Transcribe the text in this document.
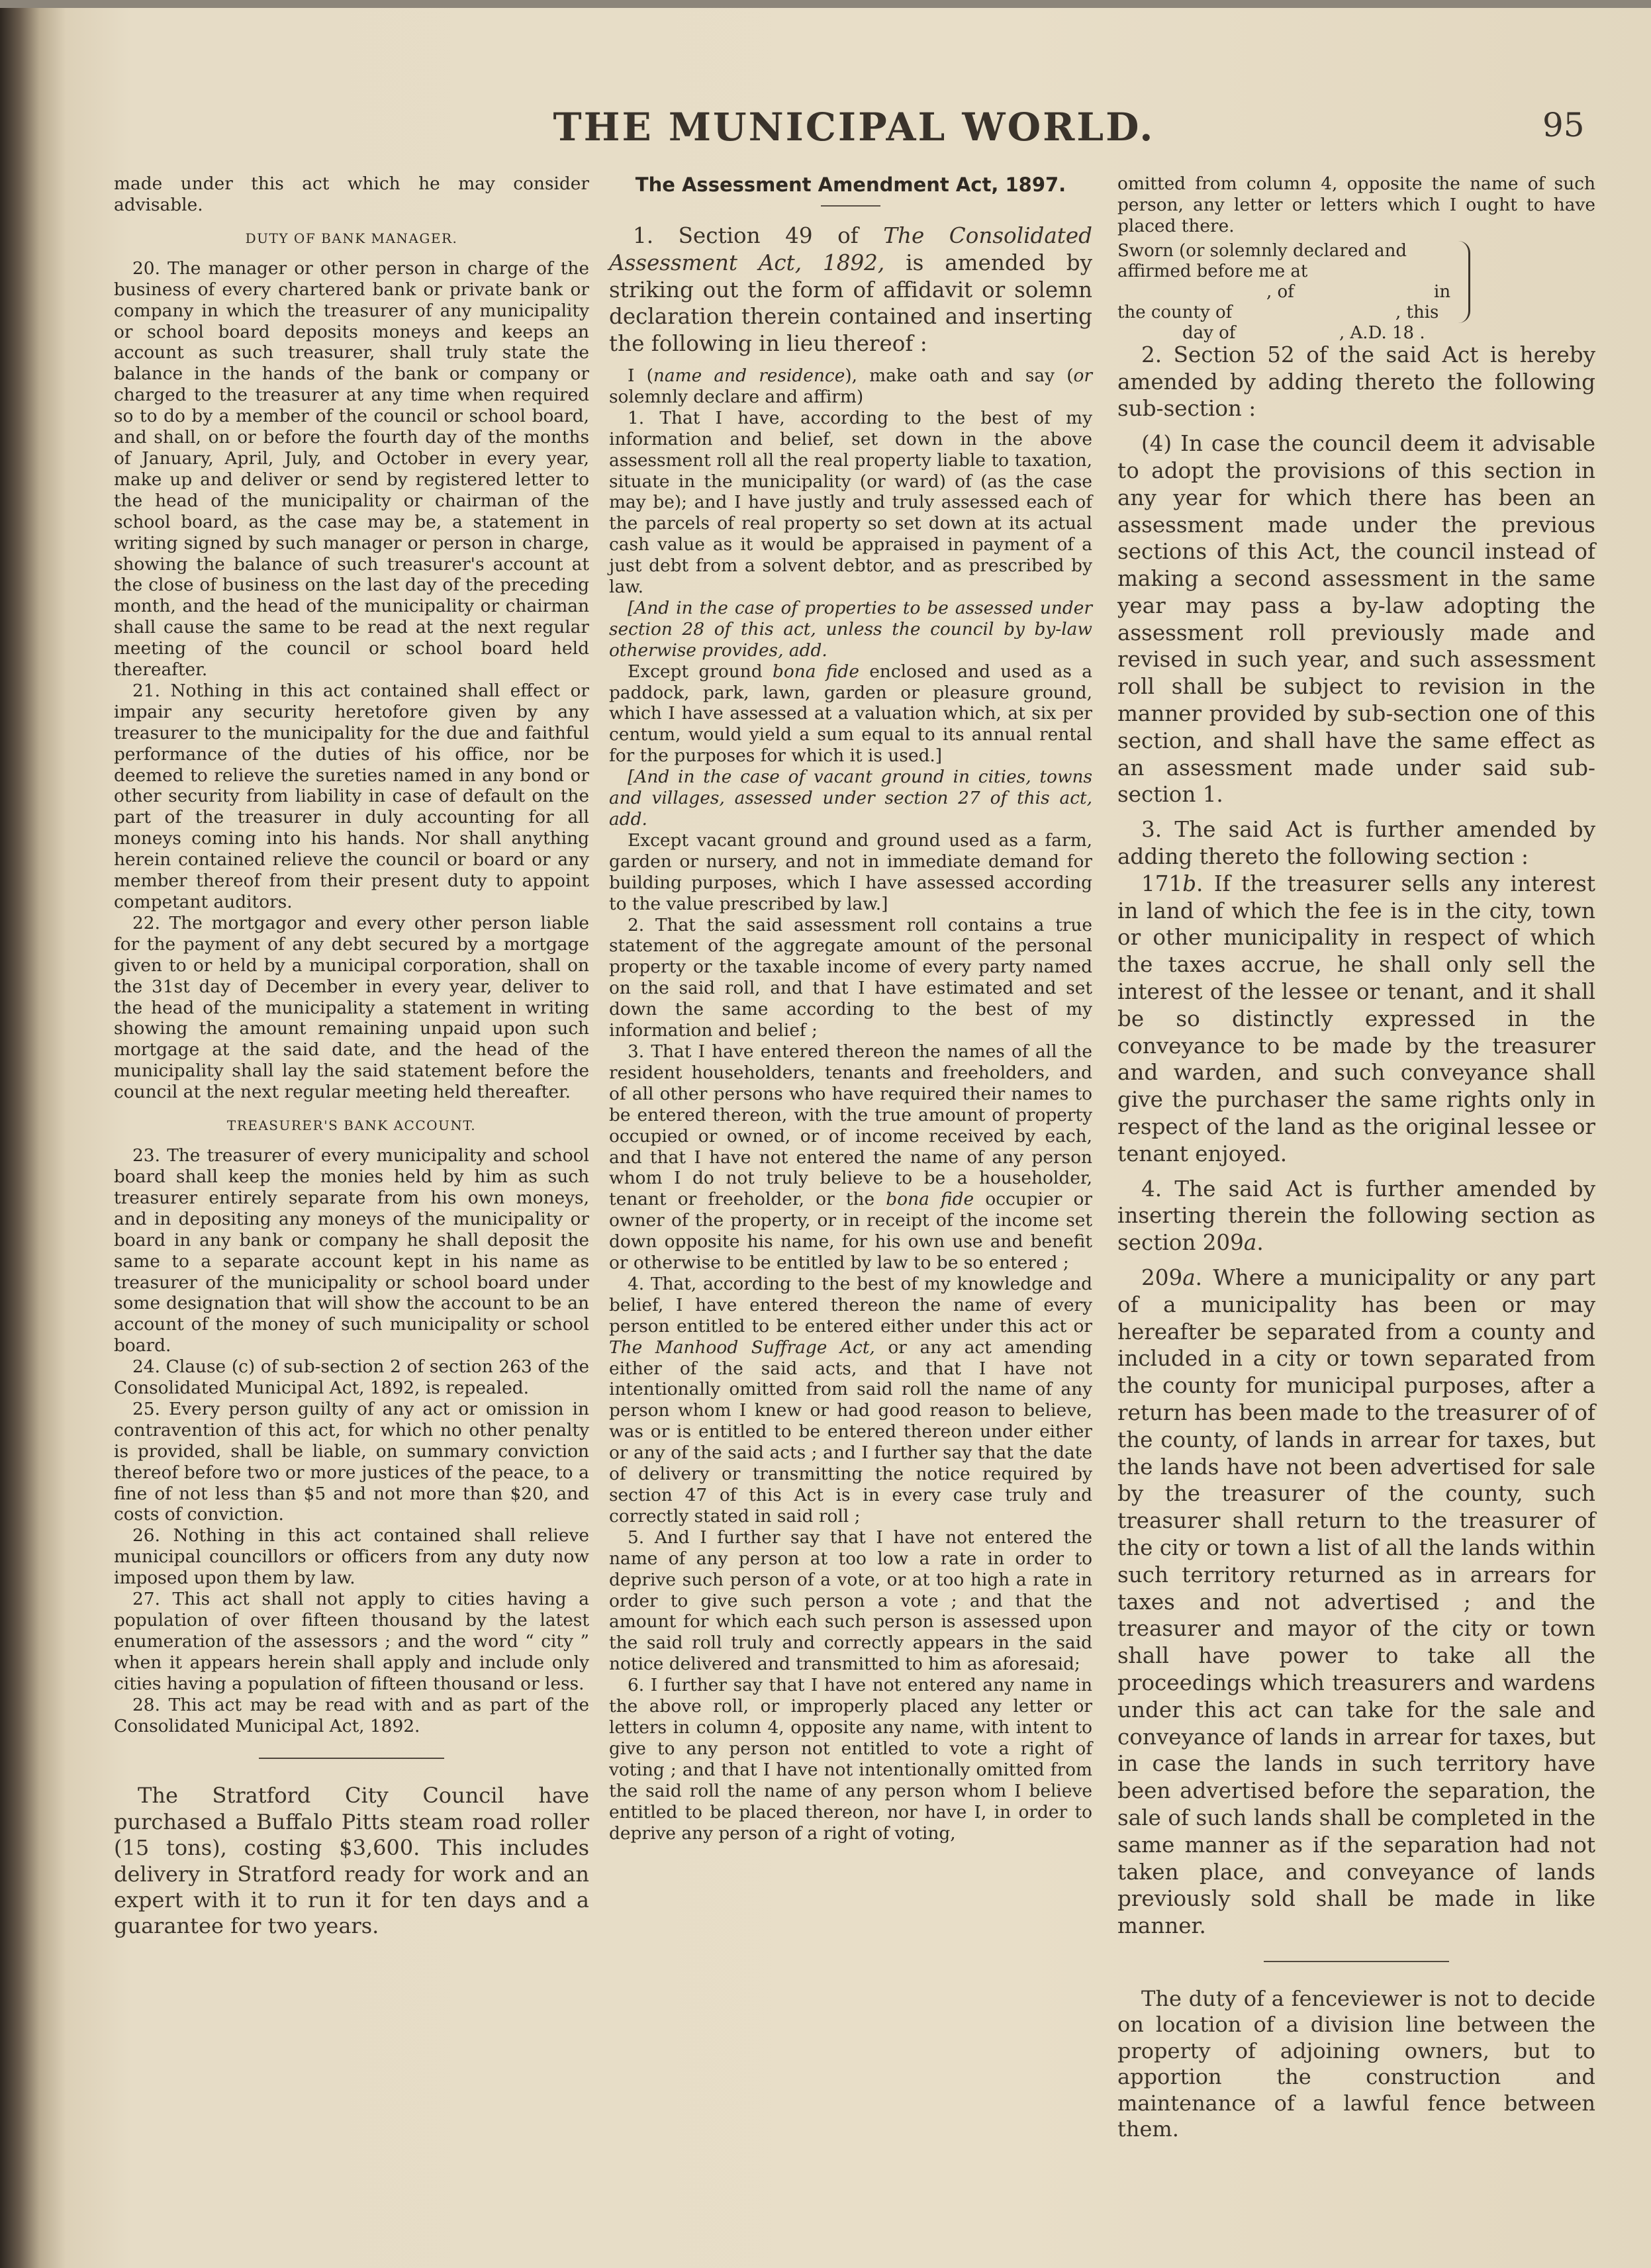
THE MUNICIPAL WORLD.	95

made under this act which he may consider advisable.

DUTY OF BANK MANAGER.

20. The manager or other person in charge of the business of every chartered bank or private bank or company in which the treasurer of any municipality or school board deposits moneys and keeps an account as such treasurer, shall truly state the balance in the hands of the bank or company or charged to the treasurer at any time when required so to do by a member of the council or school board, and shall, on or before the fourth day of the months of January, April, July, and October in every year, make up and deliver or send by registered letter to the head of the municipality or chairman of the school board, as the case may be, a statement in writing signed by such manager or person in charge, showing the balance of such treasurer's account at the close of business on the last day of the preceding month, and the head of the municipality or chairman shall cause the same to be read at the next regular meeting of the council or school board held thereafter.

21. Nothing in this act contained shall effect or impair any security heretofore given by any treasurer to the municipality for the due and faithful performance of the duties of his office, nor be deemed to relieve the sureties named in any bond or other security from liability in case of default on the part of the treasurer in duly accounting for all moneys coming into his hands. Nor shall anything herein contained relieve the council or board or any member thereof from their present duty to appoint competant auditors.

22. The mortgagor and every other person liable for the payment of any debt secured by a mortgage given to or held by a municipal corporation, shall on the 31st day of December in every year, deliver to the head of the municipality a statement in writing showing the amount remaining unpaid upon such mortgage at the said date, and the head of the municipality shall lay the said statement before the council at the next regular meeting held thereafter.

TREASURER'S BANK ACCOUNT.

23. The treasurer of every municipality and school board shall keep the monies held by him as such treasurer entirely separate from his own moneys, and in depositing any moneys of the municipality or board in any bank or company he shall deposit the same to a separate account kept in his name as treasurer of the municipality or school board under some designation that will show the account to be an account of the money of such municipality or school board.

24. Clause (c) of sub-section 2 of section 263 of the Consolidated Municipal Act, 1892, is repealed.

25. Every person guilty of any act or omission in contravention of this act, for which no other penalty is provided, shall be liable, on summary conviction thereof before two or more justices of the peace, to a fine of not less than $5 and not more than $20, and costs of conviction.

26. Nothing in this act contained shall relieve municipal councillors or officers from any duty now imposed upon them by law.

27. This act shall not apply to cities having a population of over fifteen thousand by the latest enumeration of the assessors ; and the word “ city ” when it appears herein shall apply and include only cities having a population of fifteen thousand or less.

28. This act may be read with and as part of the Consolidated Municipal Act, 1892.

The Stratford City Council have purchased a Buffalo Pitts steam road roller (15 tons), costing $3,600. This includes delivery in Stratford ready for work and an expert with it to run it for ten days and a guarantee for two years.

The Assessment Amendment Act, 1897.

1. Section 49 of The Consolidated Assessment Act, 1892, is amended by striking out the form of affidavit or solemn declaration therein contained and inserting the following in lieu thereof :

I (name and residence), make oath and say (or solemnly declare and affirm)

1. That I have, according to the best of my information and belief, set down in the above assessment roll all the real property liable to taxation, situate in the municipality (or ward) of (as the case may be); and I have justly and truly assessed each of the parcels of real property so set down at its actual cash value as it would be appraised in payment of a just debt from a solvent debtor, and as prescribed by law.

[And in the case of properties to be assessed under section 28 of this act, unless the council by by-law otherwise provides, add.

Except ground bona fide enclosed and used as a paddock, park, lawn, garden or pleasure ground, which I have assessed at a valuation which, at six per centum, would yield a sum equal to its annual rental for the purposes for which it is used.]

[And in the case of vacant ground in cities, towns and villages, assessed under section 27 of this act, add.

Except vacant ground and ground used as a farm, garden or nursery, and not in immediate demand for building purposes, which I have assessed according to the value prescribed by law.]

2. That the said assessment roll contains a true statement of the aggregate amount of the personal property or the taxable income of every party named on the said roll, and that I have estimated and set down the same according to the best of my information and belief ;

3. That I have entered thereon the names of all the resident householders, tenants and freeholders, and of all other persons who have required their names to be entered thereon, with the true amount of property occupied or owned, or of income received by each, and that I have not entered the name of any person whom I do not truly believe to be a householder, tenant or freeholder, or the bona fide occupier or owner of the property, or in receipt of the income set down opposite his name, for his own use and benefit or otherwise to be entitled by law to be so entered ;

4. That, according to the best of my knowledge and belief, I have entered thereon the name of every person entitled to be entered either under this act or The Manhood Suffrage Act, or any act amending either of the said acts, and that I have not intentionally omitted from said roll the name of any person whom I knew or had good reason to believe, was or is entitled to be entered thereon under either or any of the said acts ; and I further say that the date of delivery or transmitting the notice required by section 47 of this Act is in every case truly and correctly stated in said roll ;

5. And I further say that I have not entered the name of any person at too low a rate in order to deprive such person of a vote, or at too high a rate in order to give such person a vote ; and that the amount for which each such person is assessed upon the said roll truly and correctly appears in the said notice delivered and transmitted to him as aforesaid;

6. I further say that I have not entered any name in the above roll, or improperly placed any letter or letters in column 4, opposite any name, with intent to give to any person not entitled to vote a right of voting ; and that I have not intentionally omitted from the said roll the name of any person whom I believe entitled to be placed thereon, nor have I, in order to deprive any person of a right of voting,

omitted from column 4, opposite the name of such person, any letter or letters which I ought to have placed there.

Sworn (or solemnly declared and
affirmed before me at
, of	in
the county of	, this
day of	, A.D. 18 .

2. Section 52 of the said Act is hereby amended by adding thereto the following sub-section :

(4) In case the council deem it advisable to adopt the provisions of this section in any year for which there has been an assessment made under the previous sections of this Act, the council instead of making a second assessment in the same year may pass a by-law adopting the assessment roll previously made and revised in such year, and such assessment roll shall be subject to revision in the manner provided by sub-section one of this section, and shall have the same effect as an assessment made under said sub-section 1.

3. The said Act is further amended by adding thereto the following section :

171b. If the treasurer sells any interest in land of which the fee is in the city, town or other municipality in respect of which the taxes accrue, he shall only sell the interest of the lessee or tenant, and it shall be so distinctly expressed in the conveyance to be made by the treasurer and warden, and such conveyance shall give the purchaser the same rights only in respect of the land as the original lessee or tenant enjoyed.

4. The said Act is further amended by inserting therein the following section as section 209a.

209a. Where a municipality or any part of a municipality has been or may hereafter be separated from a county and included in a city or town separated from the county for municipal purposes, after a return has been made to the treasurer of of the county, of lands in arrear for taxes, but the lands have not been advertised for sale by the treasurer of the county, such treasurer shall return to the treasurer of the city or town a list of all the lands within such territory returned as in arrears for taxes and not advertised ; and the treasurer and mayor of the city or town shall have power to take all the proceedings which treasurers and wardens under this act can take for the sale and conveyance of lands in arrear for taxes, but in case the lands in such territory have been advertised before the separation, the sale of such lands shall be completed in the same manner as if the separation had not taken place, and conveyance of lands previously sold shall be made in like manner.

The duty of a fenceviewer is not to decide on location of a division line between the property of adjoining owners, but to apportion the construction and maintenance of a lawful fence between them.
